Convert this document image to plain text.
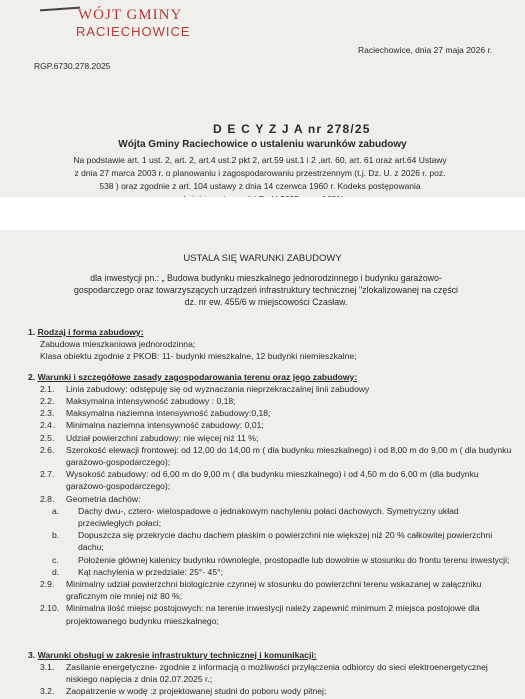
WÓJT GMINY
RACIECHOWICE
Raciechowice, dnia 27 maja 2026 r.
RGP.6730.278.2025
D E C Y Z J A nr 278/25
Wójta Gminy Raciechowice o ustaleniu warunków zabudowy
Na podstawie art. 1 ust. 2, art. 2, art.4 ust.2 pkt 2, art.59 ust.1 i 2 ,art. 60, art. 61 oraz art.64 Ustawy
z dnia 27 marca 2003 r. o planowaniu i zagospodarowaniu przestrzennym (t.j. Dz. U. z 2026 r. poz.
538 ) oraz zgodnie z art. 104 ustawy z dnia 14 czerwca 1960 r. Kodeks postępowania
USTALA SIĘ WARUNKI ZABUDOWY
dla inwestycji pn.: „ Budowa budynku mieszkalnego jednorodzinnego i budynku garażowo-
gospodarczego oraz towarzyszących urządzeń infrastruktury technicznej "zlokalizowanej na części
dz. nr ew. 455/6 w miejscowości Czasław.
1. Rodzaj i forma zabudowy:
Zabudowa mieszkaniowa jednorodzinna;
Klasa obiektu zgodnie z PKOB: 11- budynki mieszkalne, 12 budynki niemieszkalne;
2. Warunki i szczegółowe zasady zagospodarowania terenu oraz jego zabudowy:
2.1.	Linia zabudowy: odstępuję się od wyznaczania nieprzekraczalnej linii zabudowy
2.2.	Maksymalna intensywność zabudowy : 0,18;
2.3.	Maksymalna naziemna intensywność zabudowy:0,18;
2.4.	Minimalna naziemna intensywność zabudowy: 0,01;
2.5.	Udział powierzchni zabudowy: nie więcej niż 11 %;
2.6.	Szerokość elewacji frontowej: od 12,00 do 14,00 m ( dla budynku mieszkalnego) i od 8,00 m do 9,00 m ( dla budynku garażowo-gospodarczego);
2.7.	Wysokość zabudowy: od 6,00 m do 9,00 m ( dla budynku mieszkalnego) i od 4,50 m do 6,00 m (dla budynku garażowo-gospodarczego);
2.8.	Geometria dachów:
a.	Dachy dwu-, cztero- wielospadowe o jednakowym nachyleniu połaci dachowych. Symetryczny układ przeciwległych połaci;
b.	Dopuszcza się przekrycie dachu dachem płaskim o powierzchni nie większej niż 20 % całkowitej powierzchni dachu;
c.	Położenie głównej kalenicy budynku równolegle, prostopadle lub dowolnie w stosunku do frontu terenu inwestycji;
d.	Kąt nachylenia w przedziale: 25°- 45°;
2.9.	Minimalny udział powierzchni biologicznie czynnej w stosunku do powierzchni terenu wskazanej w załączniku graficznym nie mniej niż 80 %;
2.10. Minimalna ilość miejsc postojowych: na terenie inwestycji należy zapewnić minimum 2 miejsca postojowe dla projektowanego budynku mieszkalnego;
3. Warunki obsługi w zakresie infrastruktury technicznej i komunikacji:
3.1.	Zasilanie energetyczne- zgodnie z informacją o możliwości przyłączenia odbiorcy do sieci elektroenergetycznej niskiego napięcia z dnia 02.07.2025 r.;
3.2.	Zaopatrzenie w wodę :z projektowanej studni do poboru wody pitnej;
